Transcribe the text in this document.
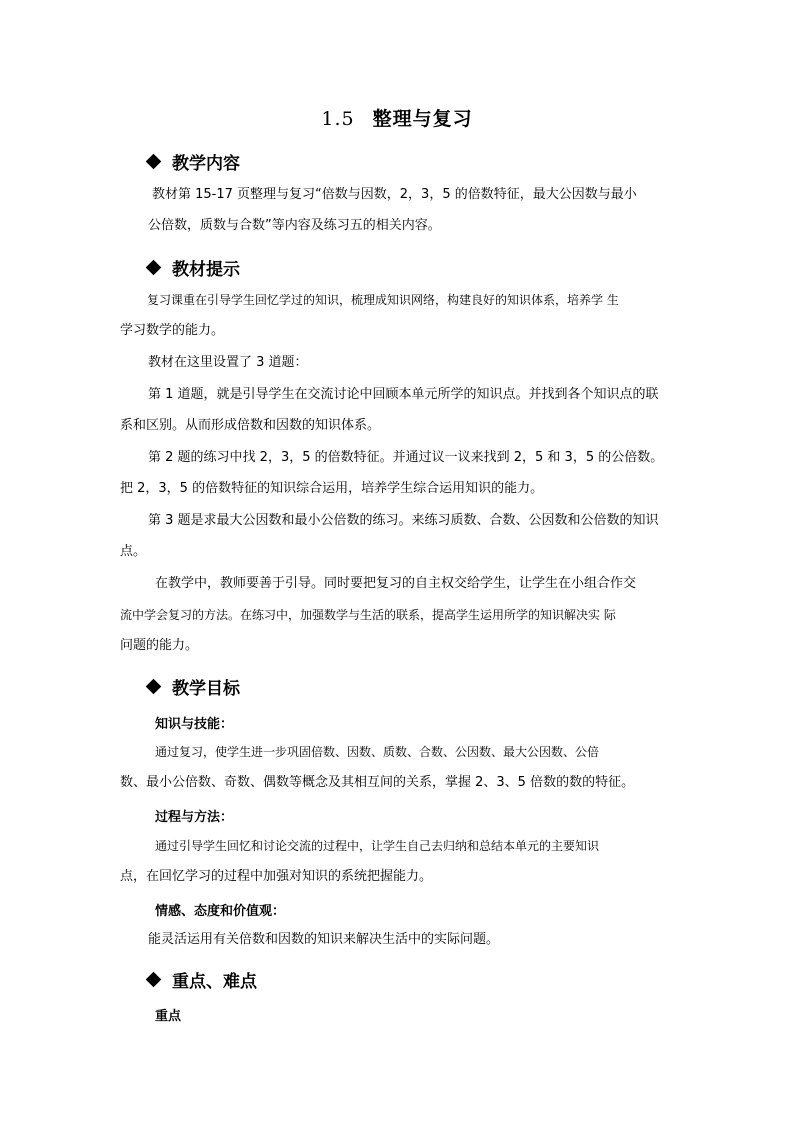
1.5 整理与复习
教学内容
教材第 15-17 页整理与复习“倍数与因数，2，3，5 的倍数特征，最大公因数与最小
公倍数，质数与合数”等内容及练习五的相关内容。
教材提示
复习课重在引导学生回忆学过的知识，梳理成知识网络，构建良好的知识体系，培养学 生
学习数学的能力。
教材在这里设置了 3 道题：
第 1 道题，就是引导学生在交流讨论中回顾本单元所学的知识点。并找到各个知识点的联
系和区别。从而形成倍数和因数的知识体系。
第 2 题的练习中找 2，3，5 的倍数特征。并通过议一议来找到 2，5 和 3，5 的公倍数。
把 2，3，5 的倍数特征的知识综合运用，培养学生综合运用知识的能力。
第 3 题是求最大公因数和最小公倍数的练习。来练习质数、合数、公因数和公倍数的知识
点。
在教学中，教师要善于引导。同时要把复习的自主权交给学生，让学生在小组合作交
流中学会复习的方法。在练习中，加强数学与生活的联系，提高学生运用所学的知识解决实 际
问题的能力。
教学目标
知识与技能：
通过复习，使学生进一步巩固倍数、因数、质数、合数、公因数、最大公因数、公倍
数、最小公倍数、奇数、偶数等概念及其相互间的关系，掌握 2、3、5 倍数的数的特征。
过程与方法：
通过引导学生回忆和讨论交流的过程中，让学生自己去归纳和总结本单元的主要知识
点，在回忆学习的过程中加强对知识的系统把握能力。
情感、态度和价值观：
能灵活运用有关倍数和因数的知识来解决生活中的实际问题。
重点、难点
重点
